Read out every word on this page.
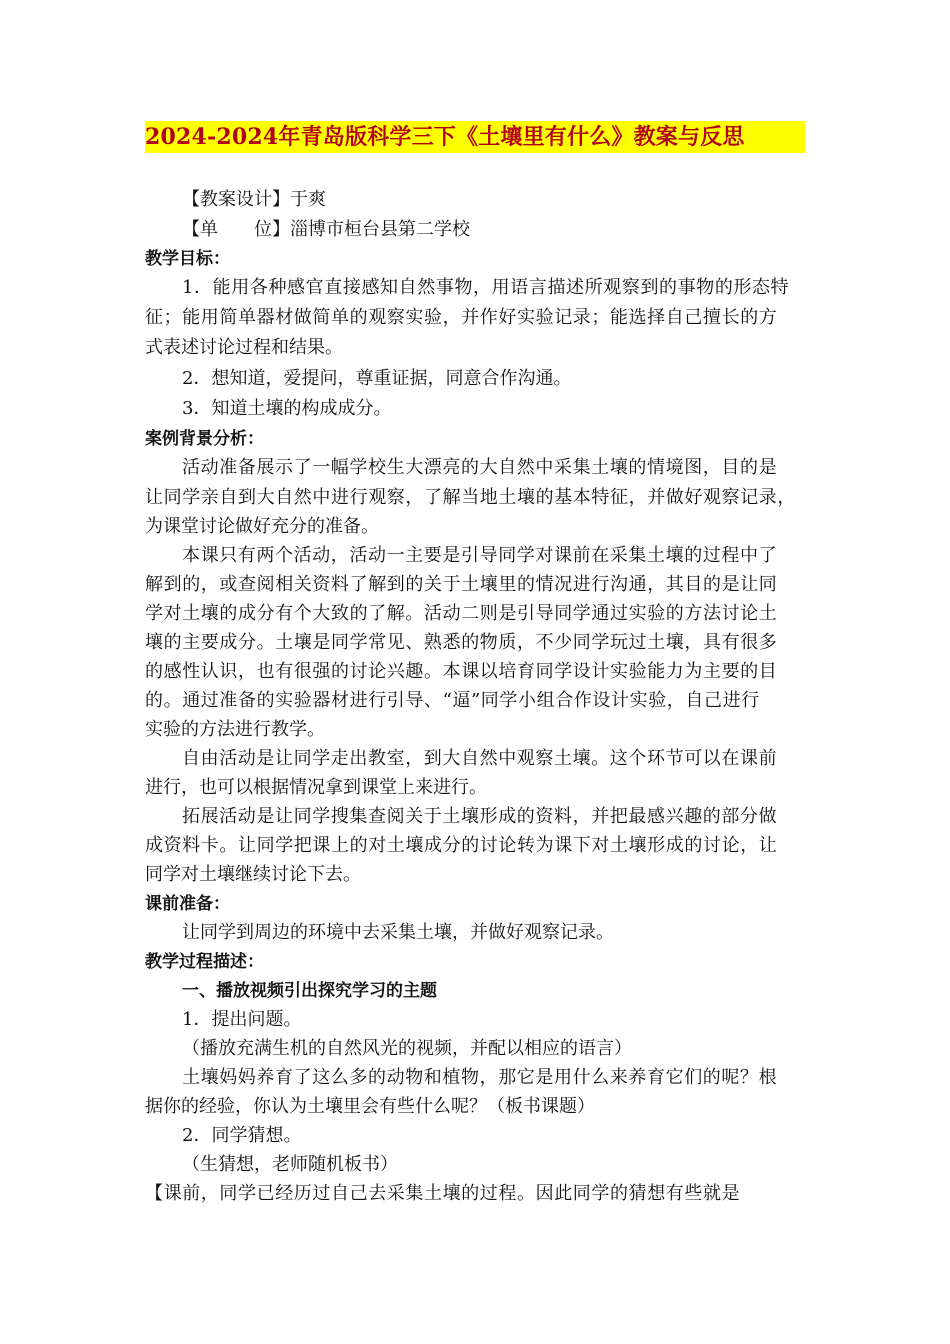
2024-2024年青岛版科学三下《土壤里有什么》教案与反思
【教案设计】于爽
【单　　位】淄博市桓台县第二学校
教学目标：
1．能用各种感官直接感知自然事物，用语言描述所观察到的事物的形态特
征；能用简单器材做简单的观察实验，并作好实验记录；能选择自己擅长的方
式表述讨论过程和结果。
2．想知道，爱提问，尊重证据，同意合作沟通。
3．知道土壤的构成成分。
案例背景分析：
活动准备展示了一幅学校生大漂亮的大自然中采集土壤的情境图，目的是
让同学亲自到大自然中进行观察，了解当地土壤的基本特征，并做好观察记录，
为课堂讨论做好充分的准备。
本课只有两个活动，活动一主要是引导同学对课前在采集土壤的过程中了
解到的，或查阅相关资料了解到的关于土壤里的情况进行沟通，其目的是让同
学对土壤的成分有个大致的了解。活动二则是引导同学通过实验的方法讨论土
壤的主要成分。土壤是同学常见、熟悉的物质，不少同学玩过土壤，具有很多
的感性认识，也有很强的讨论兴趣。本课以培育同学设计实验能力为主要的目
的。通过准备的实验器材进行引导、“逼”同学小组合作设计实验，自己进行
实验的方法进行教学。
自由活动是让同学走出教室，到大自然中观察土壤。这个环节可以在课前
进行，也可以根据情况拿到课堂上来进行。
拓展活动是让同学搜集查阅关于土壤形成的资料，并把最感兴趣的部分做
成资料卡。让同学把课上的对土壤成分的讨论转为课下对土壤形成的讨论，让
同学对土壤继续讨论下去。
课前准备：
让同学到周边的环境中去采集土壤，并做好观察记录。
教学过程描述：
一、播放视频引出探究学习的主题
1．提出问题。
（播放充满生机的自然风光的视频，并配以相应的语言）
土壤妈妈养育了这么多的动物和植物，那它是用什么来养育它们的呢？根
据你的经验，你认为土壤里会有些什么呢？（板书课题）
2．同学猜想。
（生猜想，老师随机板书）
【课前，同学已经历过自己去采集土壤的过程。因此同学的猜想有些就是
